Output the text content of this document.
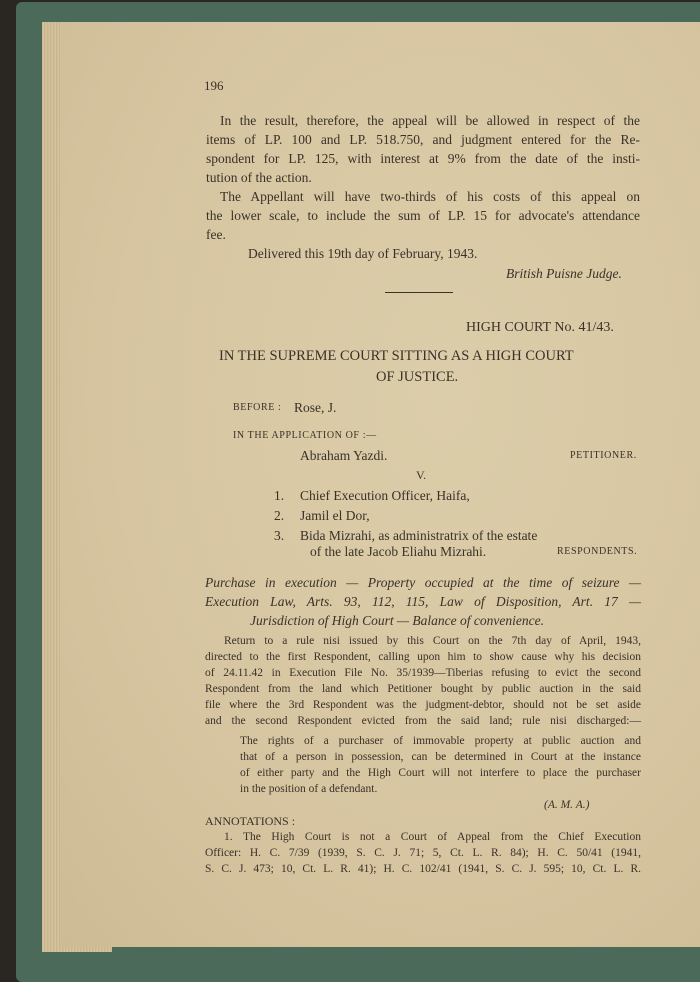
196
In the result, therefore, the appeal will be allowed in respect of the
items of LP. 100 and LP. 518.750, and judgment entered for the Re-
spondent for LP. 125, with interest at 9% from the date of the insti-
tution of the action.
The Appellant will have two-thirds of his costs of this appeal on
the lower scale, to include the sum of LP. 15 for advocate's attendance
fee.
Delivered this 19th day of February, 1943.
British Puisne Judge.
HIGH COURT No. 41/43.
IN THE SUPREME COURT SITTING AS A HIGH COURT
OF JUSTICE.
BEFORE : Rose, J.
IN THE APPLICATION OF :—
Abraham Yazdi.	PETITIONER.
V.
1. Chief Execution Officer, Haifa,
2. Jamil el Dor,
3. Bida Mizrahi, as administratrix of the estate
of the late Jacob Eliahu Mizrahi.	RESPONDENTS.
Purchase in execution — Property occupied at the time of seizure —
Execution Law, Arts. 93, 112, 115, Law of Disposition, Art. 17 —
Jurisdiction of High Court — Balance of convenience.
Return to a rule nisi issued by this Court on the 7th day of April, 1943,
directed to the first Respondent, calling upon him to show cause why his decision
of 24.11.42 in Execution File No. 35/1939—Tiberias refusing to evict the second
Respondent from the land which Petitioner bought by public auction in the said
file where the 3rd Respondent was the judgment-debtor, should not be set aside
and the second Respondent evicted from the said land; rule nisi discharged:—
The rights of a purchaser of immovable property at public auction and
that of a person in possession, can be determined in Court at the instance
of either party and the High Court will not interfere to place the purchaser
in the position of a defendant.
(A. M. A.)
ANNOTATIONS :
1. The High Court is not a Court of Appeal from the Chief Execution
Officer: H. C. 7/39 (1939, S. C. J. 71; 5, Ct. L. R. 84); H. C. 50/41 (1941,
S. C. J. 473; 10, Ct. L. R. 41); H. C. 102/41 (1941, S. C. J. 595; 10, Ct. L. R.
